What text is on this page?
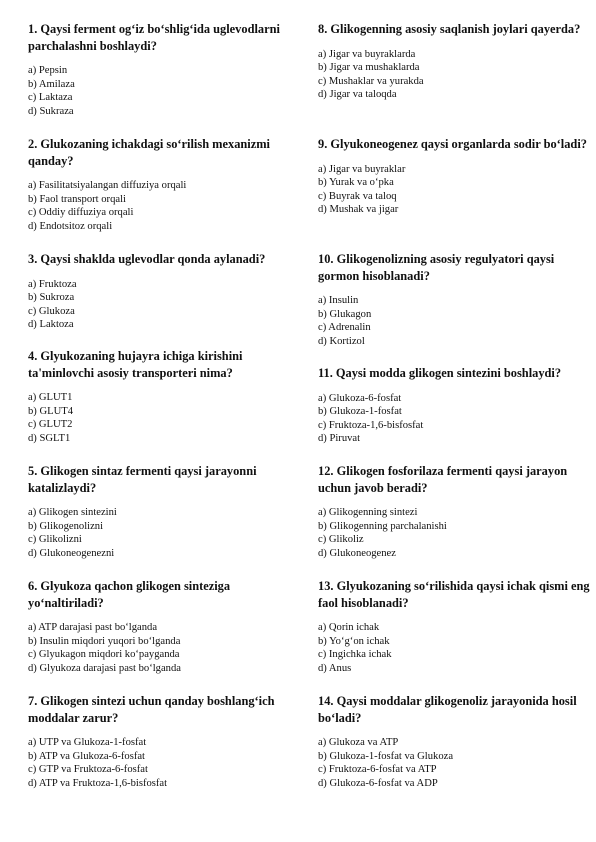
1. Qaysi ferment og‘iz bo‘shlig‘ida uglevodlarni parchalashni boshlaydi?

a) Pepsin
b) Amilaza
c) Laktaza
d) Sukraza

2. Glukozaning ichakdagi so‘rilish mexanizmi qanday?

a) Fasilitatsiyalangan diffuziya orqali
b) Faol transport orqali
c) Oddiy diffuziya orqali
d) Endotsitoz orqali

3. Qaysi shaklda uglevodlar qonda aylanadi?

a) Fruktoza
b) Sukroza
c) Glukoza
d) Laktoza

4. Glyukozaning hujayra ichiga kirishini ta'minlovchi asosiy transporteri nima?

a) GLUT1
b) GLUT4
c) GLUT2
d) SGLT1

5. Glikogen sintaz fermenti qaysi jarayonni katalizlaydi?

a) Glikogen sintezini
b) Glikogenolizni
c) Glikolizni
d) Glukoneogenezni

6. Glyukoza qachon glikogen sinteziga yo‘naltiriladi?

a) ATP darajasi past bo‘lganda
b) Insulin miqdori yuqori bo‘lganda
c) Glyukagon miqdori ko‘payganda
d) Glyukoza darajasi past bo‘lganda

7. Glikogen sintezi uchun qanday boshlang‘ich moddalar zarur?

a) UTP va Glukoza-1-fosfat
b) ATP va Glukoza-6-fosfat
c) GTP va Fruktoza-6-fosfat
d) ATP va Fruktoza-1,6-bisfosfat

8. Glikogenning asosiy saqlanish joylari qayerda?

a) Jigar va buyraklarda
b) Jigar va mushaklarda
c) Mushaklar va yurakda
d) Jigar va taloqda

9. Glyukoneogenez qaysi organlarda sodir bo‘ladi?

a) Jigar va buyraklar
b) Yurak va o‘pka
c) Buyrak va taloq
d) Mushak va jigar

10. Glikogenolizning asosiy regulyatori qaysi gormon hisoblanadi?

a) Insulin
b) Glukagon
c) Adrenalin
d) Kortizol

11. Qaysi modda glikogen sintezini boshlaydi?

a) Glukoza-6-fosfat
b) Glukoza-1-fosfat
c) Fruktoza-1,6-bisfosfat
d) Piruvat

12. Glikogen fosforilaza fermenti qaysi jarayon uchun javob beradi?

a) Glikogenning sintezi
b) Glikogenning parchalanishi
c) Glikoliz
d) Glukoneogenez

13. Glyukozaning so‘rilishida qaysi ichak qismi eng faol hisoblanadi?

a) Qorin ichak
b) Yo‘g‘on ichak
c) Ingichka ichak
d) Anus

14. Qaysi moddalar glikogenoliz jarayonida hosil bo‘ladi?

a) Glukoza va ATP
b) Glukoza-1-fosfat va Glukoza
c) Fruktoza-6-fosfat va ATP
d) Glukoza-6-fosfat va ADP
